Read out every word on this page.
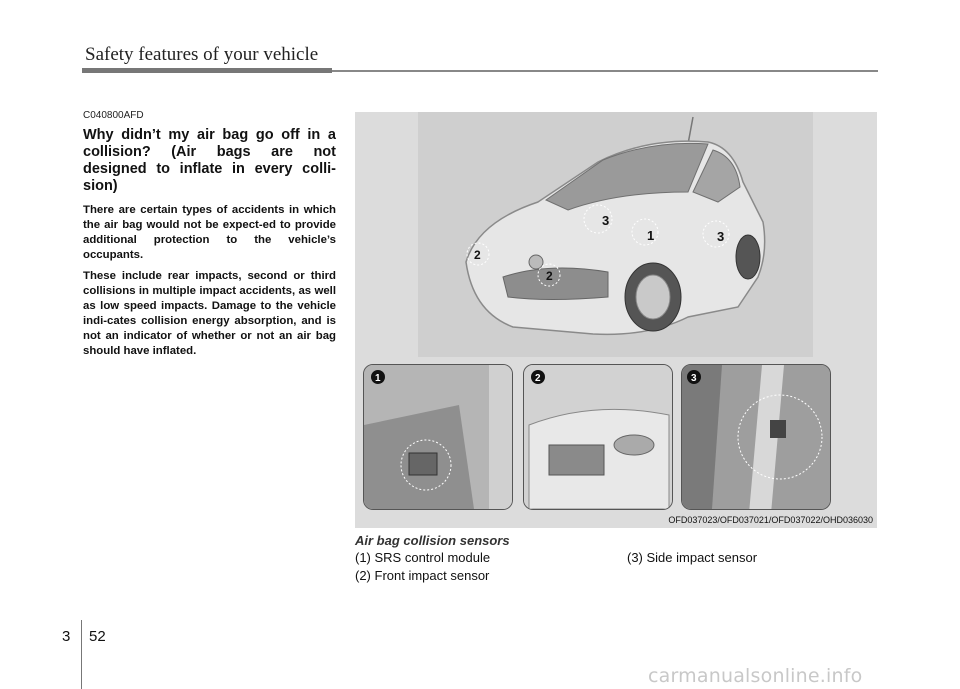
Safety features of your vehicle
C040800AFD
Why didn’t my air bag go off in a collision? (Air bags are not designed to inflate in every colli-sion)

There are certain types of accidents in which the air bag would not be expect-ed to provide additional protection to the vehicle’s occupants.

These include rear impacts, second or third collisions in multiple impact accidents, as well as low speed impacts. Damage to the vehicle indi-cates collision energy absorption, and is not an indicator of whether or not an air bag should have inflated.

3
1	3
2
2
1	2	3
OFD037023/OFD037021/OFD037022/OHD036030
Air bag collision sensors
(1) SRS control module
(2) Front impact sensor
(3) Side impact sensor
3 52
carmanualsonline.info
